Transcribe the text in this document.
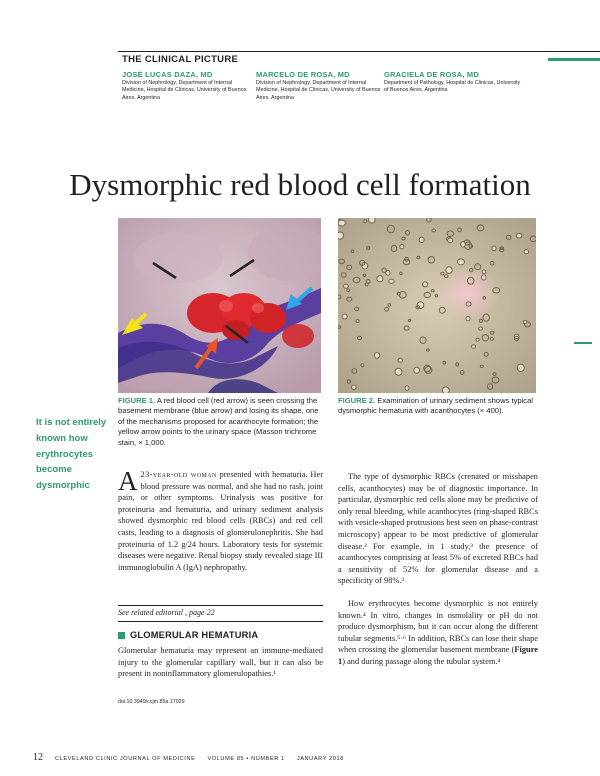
THE CLINICAL PICTURE
JOSÉ LUCAS DAZA, MD
Division of Nephrology, Department of Internal Medicine, Hospital de Clinicas, University of Buenos Aires, Argentina
MARCELO DE ROSA, MD
Division of Nephrology, Department of Internal Medicine, Hospital de Clinicas, University of Buenos Aires, Argentina
GRACIELA DE ROSA, MD
Department of Pathology, Hospital de Clinicas, University of Buenos Aires, Argentina
Dysmorphic red blood cell formation
FIGURE 1. A red blood cell (red arrow) is seen crossing the basement membrane (blue arrow) and losing its shape, one of the mechanisms proposed for acanthocyte formation; the yellow arrow points to the urinary space (Masson trichrome stain, × 1,000.
FIGURE 2. Examination of urinary sediment shows typical dysmorphic hematuria with acanthocytes (× 400).
It is not entirely known how erythrocytes become dysmorphic	A 23-year-old woman presented with hematuria. Her blood pressure was normal, and she had no rash, joint pain, or other symptoms. Urinalysis was positive for proteinuria and hematuria, and urinary sediment analysis showed dysmorphic red blood cells (RBCs) and red cell casts, leading to a diagnosis of glomerulonephritis. She had proteinuria of 1.2 g/24 hours. Laboratory tests for systemic diseases were negative. Renal biopsy study revealed stage III immunoglobulin A (IgA) nephropathy.
See related editorial , page 22
GLOMERULAR HEMATURIA
Glomerular hematuria may represent an immune-mediated injury to the glomerular capillary wall, but it can also be present in noninflammatory glomerulopathies.¹
doi:10.3949/ccjm.85a.17029

The type of dysmorphic RBCs (crenated or misshapen cells, acanthocytes) may be of diagnostic importance. In particular, dysmorphic red cells alone may be predictive of only renal bleeding, while acanthocytes (ring-shaped RBCs with vesicle-shaped protrusions best seen on phase-contrast microscopy) appear to be most predictive of glomerular disease.² For example, in 1 study,³ the presence of acanthocytes comprising at least 5% of excreted RBCs had a sensitivity of 52% for glomerular disease and a specificity of 98%.³

How erythrocytes become dysmorphic is not entirely known.⁴ In vitro, changes in osmolality or pH do not produce dysmorphism, but it can occur along the different tubular segments.⁵·⁶ In addition, RBCs can lose their shape when crossing the glomerular basement membrane (Figure 1) and during passage along the tubular system.⁴

12 CLEVELAND CLINIC JOURNAL OF MEDICINE VOLUME 85 • NUMBER 1 JANUARY 2018
